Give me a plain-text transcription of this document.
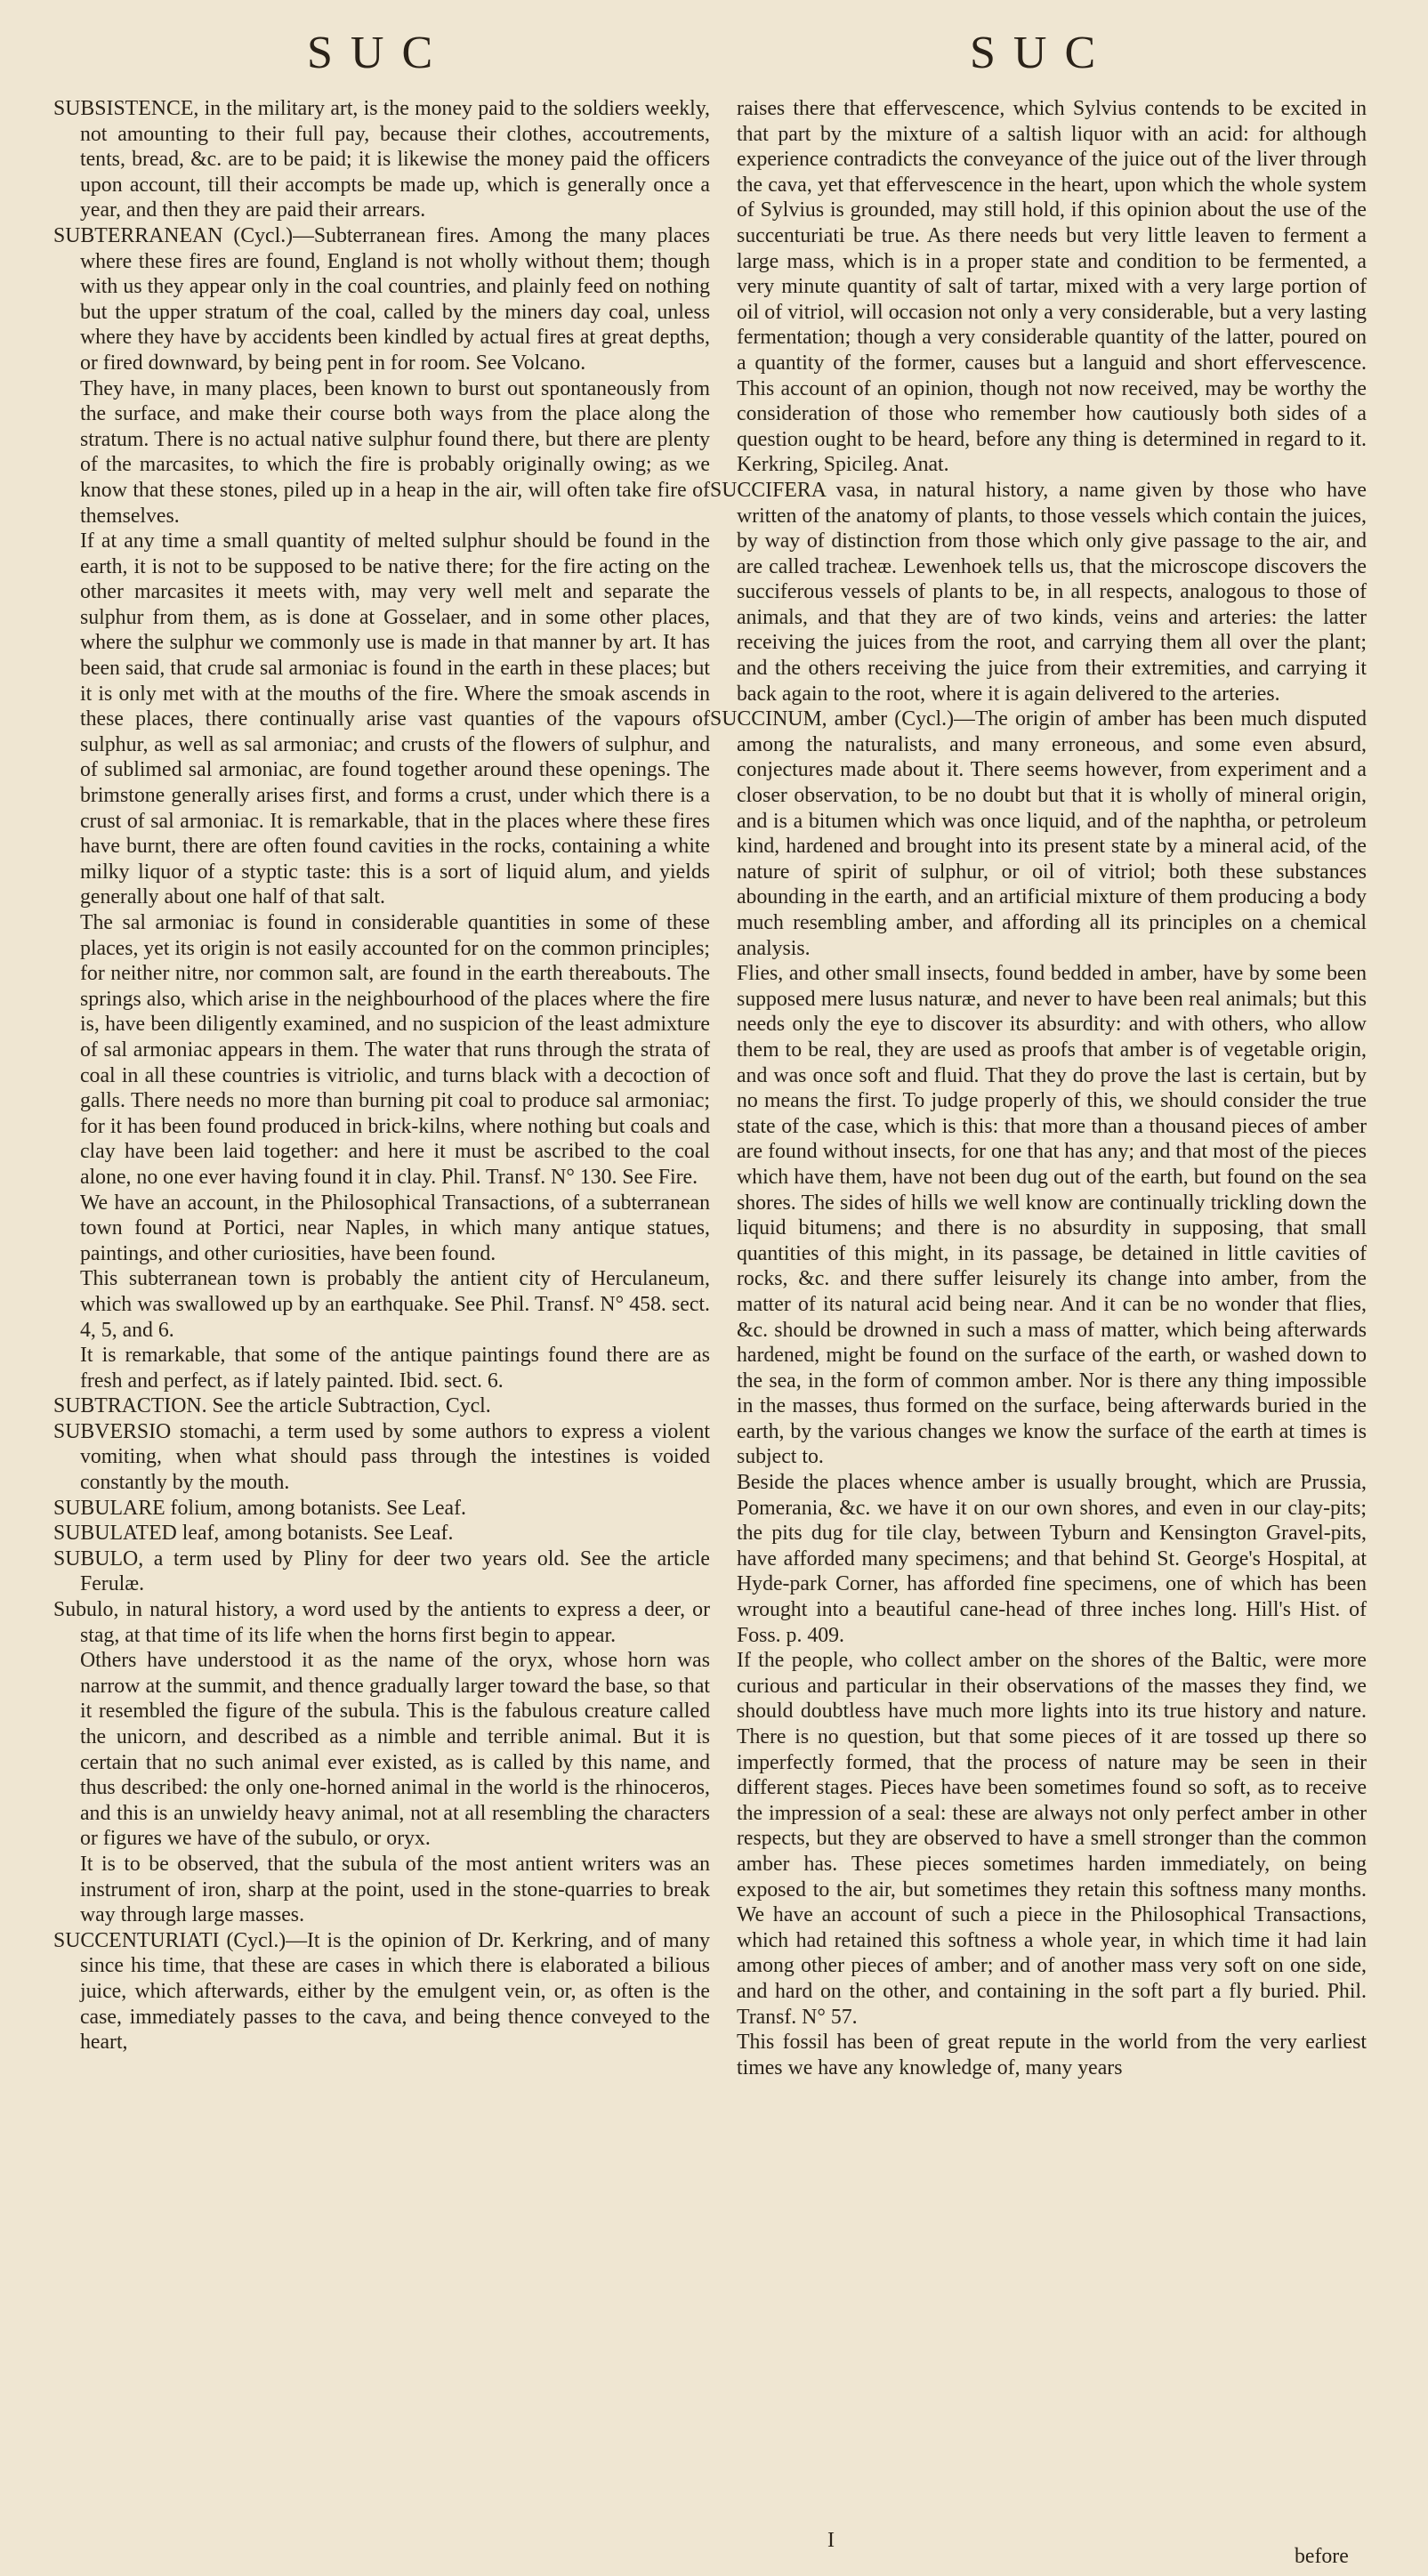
SUC	SUC

SUBSISTENCE, in the military art, is the money paid to the soldiers weekly, not amounting to their full pay, because their clothes, accoutrements, tents, bread, &c. are to be paid; it is likewise the money paid the officers upon account, till their accompts be made up, which is generally once a year, and then they are paid their arrears.

SUBTERRANEAN (Cycl.)—Subterranean fires. Among the many places where these fires are found, England is not wholly without them; though with us they appear only in the coal countries, and plainly feed on nothing but the upper stratum of the coal, called by the miners day coal, unless where they have by accidents been kindled by actual fires at great depths, or fired downward, by being pent in for room. See Volcano.

They have, in many places, been known to burst out spontaneously from the surface, and make their course both ways from the place along the stratum. There is no actual native sulphur found there, but there are plenty of the marcasites, to which the fire is probably originally owing; as we know that these stones, piled up in a heap in the air, will often take fire of themselves.

If at any time a small quantity of melted sulphur should be found in the earth, it is not to be supposed to be native there; for the fire acting on the other marcasites it meets with, may very well melt and separate the sulphur from them, as is done at Gosselaer, and in some other places, where the sulphur we commonly use is made in that manner by art. It has been said, that crude sal armoniac is found in the earth in these places; but it is only met with at the mouths of the fire. Where the smoak ascends in these places, there continually arise vast quanties of the vapours of sulphur, as well as sal armoniac; and crusts of the flowers of sulphur, and of sublimed sal armoniac, are found together around these openings. The brimstone generally arises first, and forms a crust, under which there is a crust of sal armoniac. It is remarkable, that in the places where these fires have burnt, there are often found cavities in the rocks, containing a white milky liquor of a styptic taste: this is a sort of liquid alum, and yields generally about one half of that salt.

The sal armoniac is found in considerable quantities in some of these places, yet its origin is not easily accounted for on the common principles; for neither nitre, nor common salt, are found in the earth thereabouts. The springs also, which arise in the neighbourhood of the places where the fire is, have been diligently examined, and no suspicion of the least admixture of sal armoniac appears in them. The water that runs through the strata of coal in all these countries is vitriolic, and turns black with a decoction of galls. There needs no more than burning pit coal to produce sal armoniac; for it has been found produced in brick-kilns, where nothing but coals and clay have been laid together: and here it must be ascribed to the coal alone, no one ever having found it in clay. Phil. Transf. N° 130. See Fire.

We have an account, in the Philosophical Transactions, of a subterranean town found at Portici, near Naples, in which many antique statues, paintings, and other curiosities, have been found.

This subterranean town is probably the antient city of Herculaneum, which was swallowed up by an earthquake. See Phil. Transf. N° 458. sect. 4, 5, and 6.

It is remarkable, that some of the antique paintings found there are as fresh and perfect, as if lately painted. Ibid. sect. 6.

SUBTRACTION. See the article Subtraction, Cycl.

SUBVERSIO stomachi, a term used by some authors to express a violent vomiting, when what should pass through the intestines is voided constantly by the mouth.

SUBULARE folium, among botanists. See Leaf.

SUBULATED leaf, among botanists. See Leaf.

SUBULO, a term used by Pliny for deer two years old. See the article Ferulæ.

Subulo, in natural history, a word used by the antients to express a deer, or stag, at that time of its life when the horns first begin to appear.

Others have understood it as the name of the oryx, whose horn was narrow at the summit, and thence gradually larger toward the base, so that it resembled the figure of the subula. This is the fabulous creature called the unicorn, and described as a nimble and terrible animal. But it is certain that no such animal ever existed, as is called by this name, and thus described: the only one-horned animal in the world is the rhinoceros, and this is an unwieldy heavy animal, not at all resembling the characters or figures we have of the subulo, or oryx.

It is to be observed, that the subula of the most antient writers was an instrument of iron, sharp at the point, used in the stone-quarries to break way through large masses.

SUCCENTURIATI (Cycl.)—It is the opinion of Dr. Kerkring, and of many since his time, that these are cases in which there is elaborated a bilious juice, which afterwards, either by the emulgent vein, or, as often is the case, immediately passes to the cava, and being thence conveyed to the heart,

raises there that effervescence, which Sylvius contends to be excited in that part by the mixture of a saltish liquor with an acid: for although experience contradicts the conveyance of the juice out of the liver through the cava, yet that effervescence in the heart, upon which the whole system of Sylvius is grounded, may still hold, if this opinion about the use of the succenturiati be true. As there needs but very little leaven to ferment a large mass, which is in a proper state and condition to be fermented, a very minute quantity of salt of tartar, mixed with a very large portion of oil of vitriol, will occasion not only a very considerable, but a very lasting fermentation; though a very considerable quantity of the latter, poured on a quantity of the former, causes but a languid and short effervescence. This account of an opinion, though not now received, may be worthy the consideration of those who remember how cautiously both sides of a question ought to be heard, before any thing is determined in regard to it. Kerkring, Spicileg. Anat.

SUCCIFERA vasa, in natural history, a name given by those who have written of the anatomy of plants, to those vessels which contain the juices, by way of distinction from those which only give passage to the air, and are called tracheæ. Lewenhoek tells us, that the microscope discovers the succiferous vessels of plants to be, in all respects, analogous to those of animals, and that they are of two kinds, veins and arteries: the latter receiving the juices from the root, and carrying them all over the plant; and the others receiving the juice from their extremities, and carrying it back again to the root, where it is again delivered to the arteries.

SUCCINUM, amber (Cycl.)—The origin of amber has been much disputed among the naturalists, and many erroneous, and some even absurd, conjectures made about it. There seems however, from experiment and a closer observation, to be no doubt but that it is wholly of mineral origin, and is a bitumen which was once liquid, and of the naphtha, or petroleum kind, hardened and brought into its present state by a mineral acid, of the nature of spirit of sulphur, or oil of vitriol; both these substances abounding in the earth, and an artificial mixture of them producing a body much resembling amber, and affording all its principles on a chemical analysis.

Flies, and other small insects, found bedded in amber, have by some been supposed mere lusus naturæ, and never to have been real animals; but this needs only the eye to discover its absurdity: and with others, who allow them to be real, they are used as proofs that amber is of vegetable origin, and was once soft and fluid. That they do prove the last is certain, but by no means the first. To judge properly of this, we should consider the true state of the case, which is this: that more than a thousand pieces of amber are found without insects, for one that has any; and that most of the pieces which have them, have not been dug out of the earth, but found on the sea shores. The sides of hills we well know are continually trickling down the liquid bitumens; and there is no absurdity in supposing, that small quantities of this might, in its passage, be detained in little cavities of rocks, &c. and there suffer leisurely its change into amber, from the matter of its natural acid being near. And it can be no wonder that flies, &c. should be drowned in such a mass of matter, which being afterwards hardened, might be found on the surface of the earth, or washed down to the sea, in the form of common amber. Nor is there any thing impossible in the masses, thus formed on the surface, being afterwards buried in the earth, by the various changes we know the surface of the earth at times is subject to.

Beside the places whence amber is usually brought, which are Prussia, Pomerania, &c. we have it on our own shores, and even in our clay-pits; the pits dug for tile clay, between Tyburn and Kensington Gravel-pits, have afforded many specimens; and that behind St. George's Hospital, at Hyde-park Corner, has afforded fine specimens, one of which has been wrought into a beautiful cane-head of three inches long. Hill's Hist. of Foss. p. 409.

If the people, who collect amber on the shores of the Baltic, were more curious and particular in their observations of the masses they find, we should doubtless have much more lights into its true history and nature. There is no question, but that some pieces of it are tossed up there so imperfectly formed, that the process of nature may be seen in their different stages. Pieces have been sometimes found so soft, as to receive the impression of a seal: these are always not only perfect amber in other respects, but they are observed to have a smell stronger than the common amber has. These pieces sometimes harden immediately, on being exposed to the air, but sometimes they retain this softness many months. We have an account of such a piece in the Philosophical Transactions, which had retained this softness a whole year, in which time it had lain among other pieces of amber; and of another mass very soft on one side, and hard on the other, and containing in the soft part a fly buried. Phil. Transf. N° 57.

This fossil has been of great repute in the world from the very earliest times we have any knowledge of, many years

I
before
